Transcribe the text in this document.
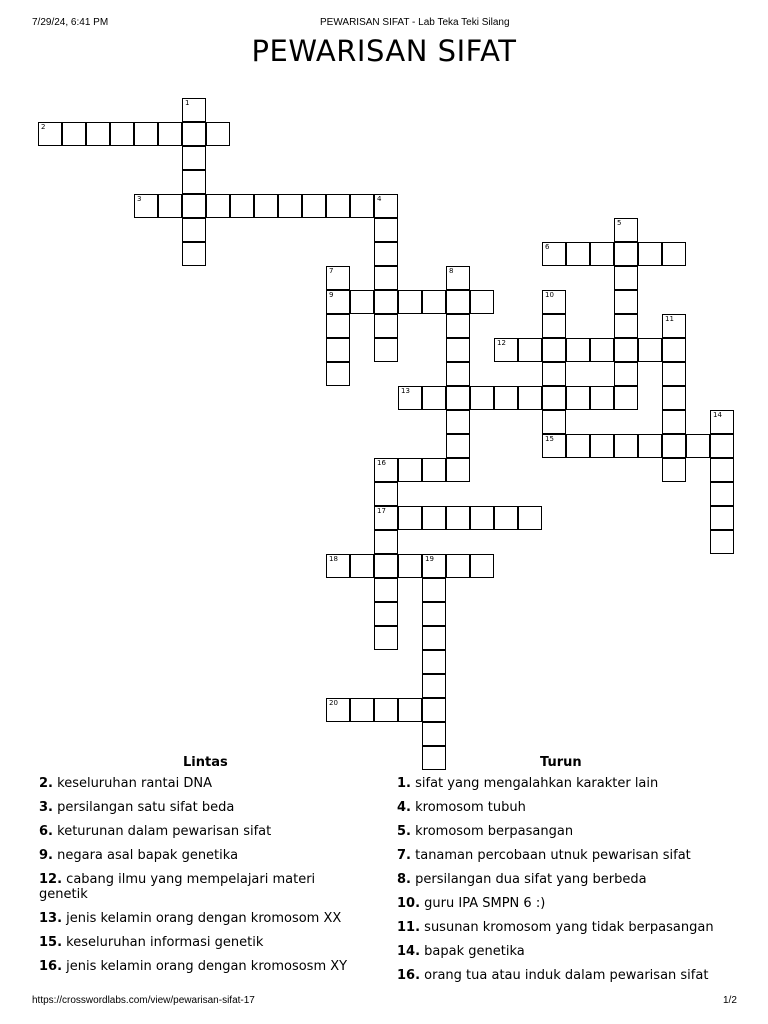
7/29/24, 6:41 PM	PEWARISAN SIFAT - Lab Teka Teki Silang
PEWARISAN SIFAT
1
2
3	4
5
6
7
9
8
10
15
11
12
13
14
16
17
18	19
20
Lintas	Turun
2. keseluruhan rantai DNA
3. persilangan satu sifat beda
6. keturunan dalam pewarisan sifat
9. negara asal bapak genetika
12. cabang ilmu yang mempelajari materi genetik
13. jenis kelamin orang dengan kromosom XX
15. keseluruhan informasi genetik
16. jenis kelamin orang dengan kromososm XY
1. sifat yang mengalahkan karakter lain
4. kromosom tubuh
5. kromosom berpasangan
7. tanaman percobaan utnuk pewarisan sifat
8. persilangan dua sifat yang berbeda
10. guru IPA SMPN 6 :)
11. susunan kromosom yang tidak berpasangan
14. bapak genetika
16. orang tua atau induk dalam pewarisan sifat
https://crosswordlabs.com/view/pewarisan-sifat-17	1/2
